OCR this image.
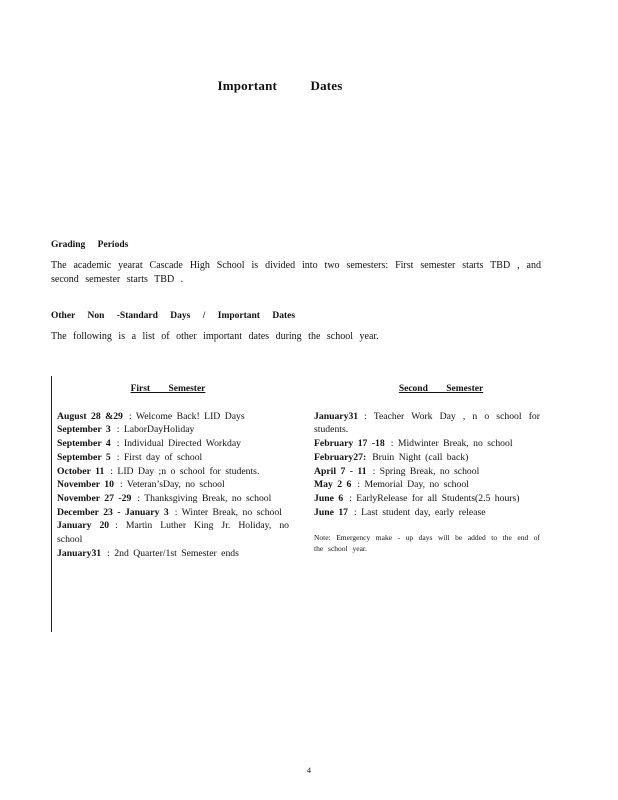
Important Dates
Grading Periods
The academic yearat Cascade High School is divided into two semesters: First semester starts TBD , and second semester starts TBD .
Other Non -Standard Days / Important Dates
The following is a list of other important dates during the school year.
First Semester

August 28 &29 : Welcome Back! LID Days

September 3 : LaborDayHoliday

September 4 : Individual Directed Workday

September 5 : First day of school

October 11 : LID Day ;n o school for students.

November 10 : Veteran’sDay, no school

November 27 -29 : Thanksgiving Break, no school

December 23 - January 3 : Winter Break, no school

January 20 : Martin Luther King Jr. Holiday, no school

January31 : 2nd Quarter/1st Semester ends

Second Semester

January31 : Teacher Work Day , n o school for students.

February 17 -18 : Midwinter Break, no school

February27: Bruin Night (call back)

April 7 - 11 : Spring Break, no school

May 2 6 : Memorial Day, no school

June 6 : EarlyRelease for all Students(2.5 hours)

June 17 : Last student day, early release

Note: Emergency make - up days will be added to the end of the school year.
4
